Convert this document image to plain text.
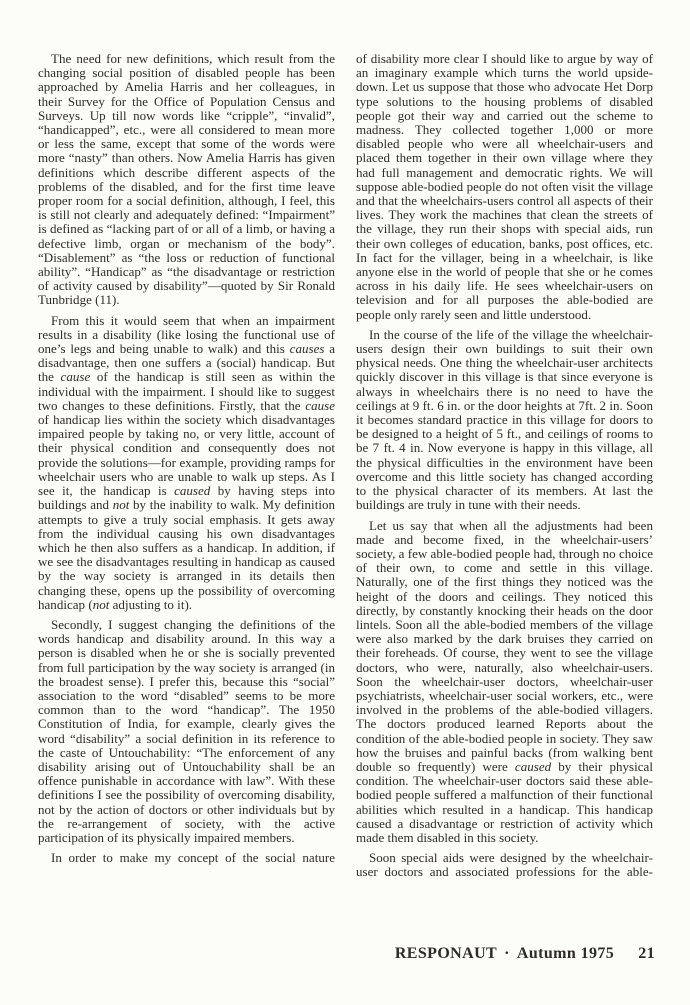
The need for new definitions, which result from the changing social position of disabled people has been approached by Amelia Harris and her colleagues, in their Survey for the Office of Population Census and Surveys. Up till now words like “cripple”, “invalid”, “handicapped”, etc., were all considered to mean more or less the same, except that some of the words were more “nasty” than others. Now Amelia Harris has given definitions which describe different aspects of the problems of the disabled, and for the first time leave proper room for a social definition, although, I feel, this is still not clearly and adequately defined: “Impairment” is defined as “lacking part of or all of a limb, or having a defective limb, organ or mechanism of the body”. “Disablement” as “the loss or reduction of functional ability”. “Handicap” as “the disadvantage or restriction of activity caused by disability”—quoted by Sir Ronald Tunbridge (11).

From this it would seem that when an impairment results in a disability (like losing the functional use of one’s legs and being unable to walk) and this causes a disadvantage, then one suffers a (social) handicap. But the cause of the handicap is still seen as within the individual with the impairment. I should like to suggest two changes to these definitions. Firstly, that the cause of handicap lies within the society which disadvantages impaired people by taking no, or very little, account of their physical condition and consequently does not provide the solutions—for example, providing ramps for wheelchair users who are unable to walk up steps. As I see it, the handicap is caused by having steps into buildings and not by the inability to walk. My definition attempts to give a truly social emphasis. It gets away from the individual causing his own disadvantages which he then also suffers as a handicap. In addition, if we see the disadvantages resulting in handicap as caused by the way society is arranged in its details then changing these, opens up the possibility of overcoming handicap (not adjusting to it).

Secondly, I suggest changing the definitions of the words handicap and disability around. In this way a person is disabled when he or she is socially prevented from full participation by the way society is arranged (in the broadest sense). I prefer this, because this “social” association to the word “disabled” seems to be more common than to the word “handicap”. The 1950 Constitution of India, for example, clearly gives the word “disability” a social definition in its reference to the caste of Untouchability: “The enforcement of any disability arising out of Untouchability shall be an offence punishable in accordance with law”. With these definitions I see the possibility of overcoming disability, not by the action of doctors or other individuals but by the re-arrangement of society, with the active participation of its physically impaired members.

In order to make my concept of the social nature

of disability more clear I should like to argue by way of an imaginary example which turns the world upside-down. Let us suppose that those who advocate Het Dorp type solutions to the housing problems of disabled people got their way and carried out the scheme to madness. They collected together 1,000 or more disabled people who were all wheelchair-users and placed them together in their own village where they had full management and democratic rights. We will suppose able-bodied people do not often visit the village and that the wheelchairs-users control all aspects of their lives. They work the machines that clean the streets of the village, they run their shops with special aids, run their own colleges of education, banks, post offices, etc. In fact for the villager, being in a wheelchair, is like anyone else in the world of people that she or he comes across in his daily life. He sees wheelchair-users on television and for all purposes the able-bodied are people only rarely seen and little understood.

In the course of the life of the village the wheelchair-users design their own buildings to suit their own physical needs. One thing the wheelchair-user architects quickly discover in this village is that since everyone is always in wheelchairs there is no need to have the ceilings at 9 ft. 6 in. or the door heights at 7ft. 2 in. Soon it becomes standard practice in this village for doors to be designed to a height of 5 ft., and ceilings of rooms to be 7 ft. 4 in. Now everyone is happy in this village, all the physical difficulties in the environment have been overcome and this little society has changed according to the physical character of its members. At last the buildings are truly in tune with their needs.

Let us say that when all the adjustments had been made and become fixed, in the wheelchair-users’ society, a few able-bodied people had, through no choice of their own, to come and settle in this village. Naturally, one of the first things they noticed was the height of the doors and ceilings. They noticed this directly, by constantly knocking their heads on the door lintels. Soon all the able-bodied members of the village were also marked by the dark bruises they carried on their foreheads. Of course, they went to see the village doctors, who were, naturally, also wheelchair-users. Soon the wheelchair-user doctors, wheelchair-user psychiatrists, wheelchair-user social workers, etc., were involved in the problems of the able-bodied villagers. The doctors produced learned Reports about the condition of the able-bodied people in society. They saw how the bruises and painful backs (from walking bent double so frequently) were caused by their physical condition. The wheelchair-user doctors said these able-bodied people suffered a malfunction of their functional abilities which resulted in a handicap. This handicap caused a disadvantage or restriction of activity which made them disabled in this society.

Soon special aids were designed by the wheelchair-user doctors and associated professions for the able-

RESPONAUT · Autumn 1975 21
